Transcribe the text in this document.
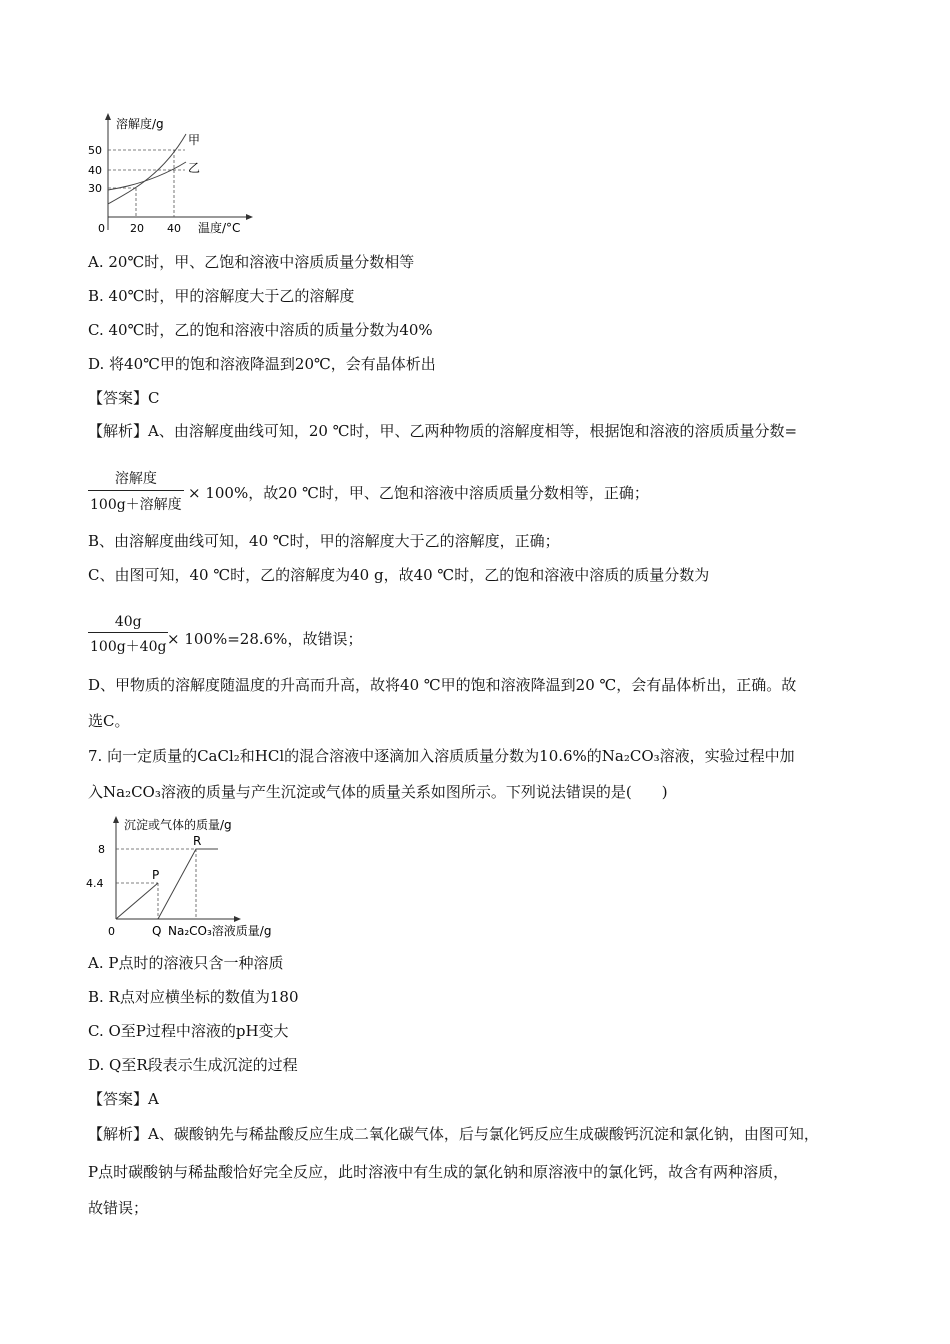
溶解度/g
50
40
30
0 20 40 温度/°C
甲
乙
A. 20℃时，甲、乙饱和溶液中溶质质量分数相等
B. 40℃时，甲的溶解度大于乙的溶解度
C. 40℃时，乙的饱和溶液中溶质的质量分数为40%
D. 将40℃甲的饱和溶液降温到20℃，会有晶体析出
【答案】C
【解析】A、由溶解度曲线可知，20 ℃时，甲、乙两种物质的溶解度相等，根据饱和溶液的溶质质量分数=
溶解度
100g＋溶解度
× 100%，故20 ℃时，甲、乙饱和溶液中溶质质量分数相等，正确；
B、由溶解度曲线可知，40 ℃时，甲的溶解度大于乙的溶解度，正确；
C、由图可知，40 ℃时，乙的溶解度为40 g，故40 ℃时，乙的饱和溶液中溶质的质量分数为
$\frac{40g}{100g+40g}$
× 100%=28.6%，故错误；
D、甲物质的溶解度随温度的升高而升高，故将40 ℃甲的饱和溶液降温到20 ℃，会有晶体析出，正确。故
选C。
7. 向一定质量的CaCl₂和HCl的混合溶液中逐滴加入溶质质量分数为10.6%的Na₂CO₃溶液，实验过程中加
入Na₂CO₃溶液的质量与产生沉淀或气体的质量关系如图所示。下列说法错误的是(　　)
沉淀或气体的质量/g
8
4.4
0
P
R
Q Na₂CO₃溶液质量/g
A. P点时的溶液只含一种溶质
B. R点对应横坐标的数值为180
C. O至P过程中溶液的pH变大
D. Q至R段表示生成沉淀的过程
【答案】A
【解析】A、碳酸钠先与稀盐酸反应生成二氧化碳气体，后与氯化钙反应生成碳酸钙沉淀和氯化钠，由图可知，
P点时碳酸钠与稀盐酸恰好完全反应，此时溶液中有生成的氯化钠和原溶液中的氯化钙，故含有两种溶质，
故错误；
